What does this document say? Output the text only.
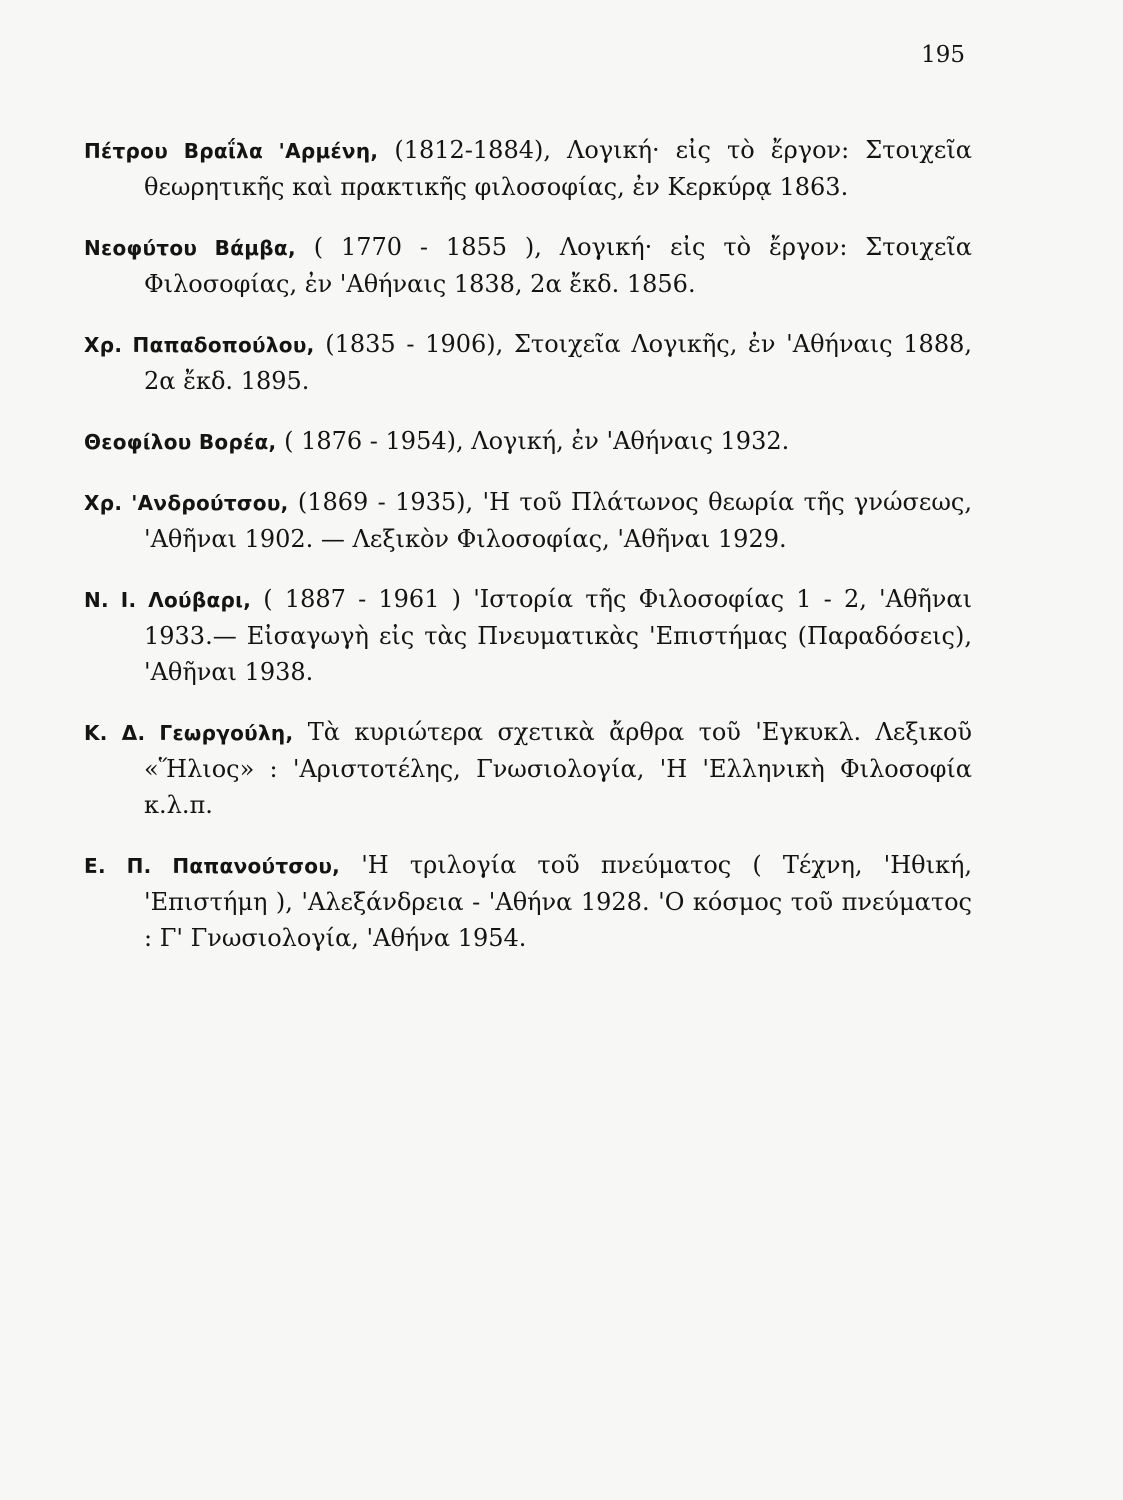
195

Πέτρου Βραΐλα 'Αρμένη, (1812-1884), Λογική· εἰς τὸ ἔργον: Στοιχεῖα θεωρητικῆς καὶ πρακτικῆς φιλοσοφίας, ἐν Κερκύρᾳ 1863.

Νεοφύτου Βάμβα, ( 1770 - 1855 ), Λογική· εἰς τὸ ἔργον: Στοιχεῖα Φιλοσοφίας, ἐν 'Αθήναις 1838, 2α ἔκδ. 1856.

Χρ. Παπαδοπούλου, (1835 - 1906), Στοιχεῖα Λογικῆς, ἐν 'Αθήναις 1888, 2α ἔκδ. 1895.

Θεοφίλου Βορέα, ( 1876 - 1954), Λογική, ἐν 'Αθήναις 1932.

Χρ. 'Ανδρούτσου, (1869 - 1935), 'Η τοῦ Πλάτωνος θεωρία τῆς γνώσεως, 'Αθῆναι 1902. — Λεξικὸν Φιλοσοφίας, 'Αθῆναι 1929.

Ν. Ι. Λούβαρι, ( 1887 - 1961 ) 'Ιστορία τῆς Φιλοσοφίας 1 - 2, 'Αθῆναι 1933.— Εἰσαγωγὴ εἰς τὰς Πνευματικὰς 'Επιστήμας (Παραδόσεις), 'Αθῆναι 1938.

Κ. Δ. Γεωργούλη, Τὰ κυριώτερα σχετικὰ ἄρθρα τοῦ 'Εγκυκλ. Λεξικοῦ «Ἥλιος» : 'Αριστοτέλης, Γνωσιολογία, 'Η 'Ελληνικὴ Φιλοσοφία κ.λ.π.

Ε. Π. Παπανούτσου, 'Η τριλογία τοῦ πνεύματος ( Τέχνη, 'Ηθική, 'Επιστήμη ), 'Αλεξάνδρεια - 'Αθήνα 1928. 'Ο κόσμος τοῦ πνεύματος : Γ' Γνωσιολογία, 'Αθήνα 1954.
